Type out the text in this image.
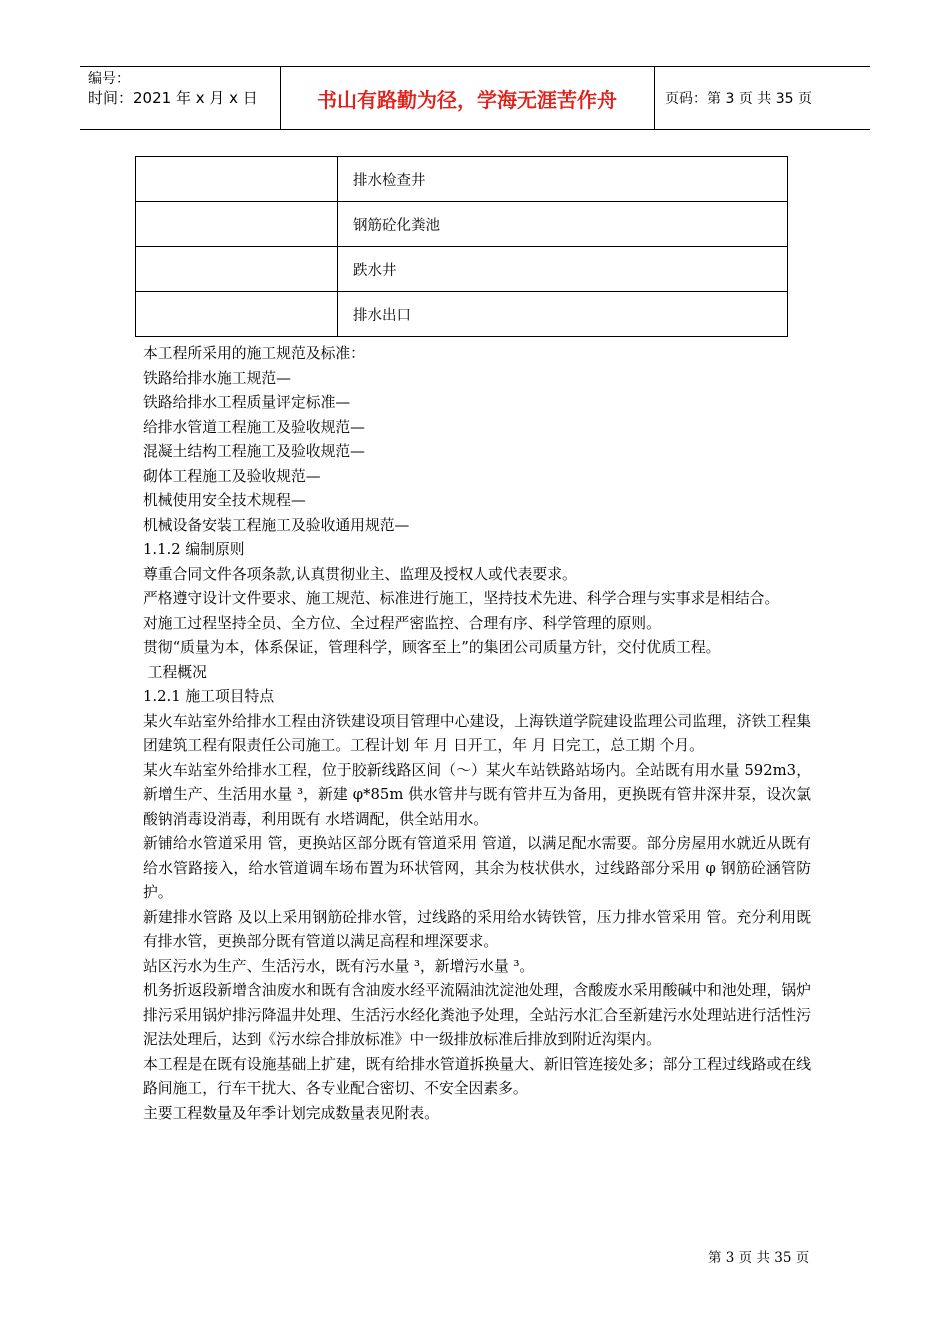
编号：
时间：2021 年 x 月 x 日	书山有路勤为径，学海无涯苦作舟	页码：第 3 页 共 35 页
	排水检查井
	钢筋砼化粪池
	跌水井
	排水出口

本工程所采用的施工规范及标准：

铁路给排水施工规范—

铁路给排水工程质量评定标准—

给排水管道工程施工及验收规范—

混凝土结构工程施工及验收规范—

砌体工程施工及验收规范—

机械使用安全技术规程—

机械设备安装工程施工及验收通用规范—

1.1.2 编制原则

尊重合同文件各项条款,认真贯彻业主、监理及授权人或代表要求。

严格遵守设计文件要求、施工规范、标准进行施工，坚持技术先进、科学合理与实事求是相结合。

对施工过程坚持全员、全方位、全过程严密监控、合理有序、科学管理的原则。

贯彻“质量为本，体系保证，管理科学，顾客至上”的集团公司质量方针，交付优质工程。

工程概况

1.2.1 施工项目特点

某火车站室外给排水工程由济铁建设项目管理中心建设，上海铁道学院建设监理公司监理，济铁工程集团建筑工程有限责任公司施工。工程计划 年 月 日开工，年 月 日完工，总工期 个月。

某火车站室外给排水工程，位于胶新线路区间（～）某火车站铁路站场内。全站既有用水量 592m3，新增生产、生活用水量 ³，新建 φ*85m 供水管井与既有管井互为备用，更换既有管井深井泵，设次氯酸钠消毒设消毒，利用既有 水塔调配，供全站用水。

新铺给水管道采用 管，更换站区部分既有管道采用 管道，以满足配水需要。部分房屋用水就近从既有给水管路接入，给水管道调车场布置为环状管网，其余为枝状供水，过线路部分采用 φ 钢筋砼涵管防护。

新建排水管路 及以上采用钢筋砼排水管，过线路的采用给水铸铁管，压力排水管采用 管。充分利用既有排水管，更换部分既有管道以满足高程和埋深要求。

站区污水为生产、生活污水，既有污水量 ³，新增污水量 ³。

机务折返段新增含油废水和既有含油废水经平流隔油沈淀池处理，含酸废水采用酸碱中和池处理，锅炉排污采用锅炉排污降温井处理、生活污水经化粪池予处理，全站污水汇合至新建污水处理站进行活性污泥法处理后，达到《污水综合排放标准》中一级排放标准后排放到附近沟渠内。

本工程是在既有设施基础上扩建，既有给排水管道拆换量大、新旧管连接处多；部分工程过线路或在线路间施工，行车干扰大、各专业配合密切、不安全因素多。

主要工程数量及年季计划完成数量表见附表。

第 3 页 共 35 页
